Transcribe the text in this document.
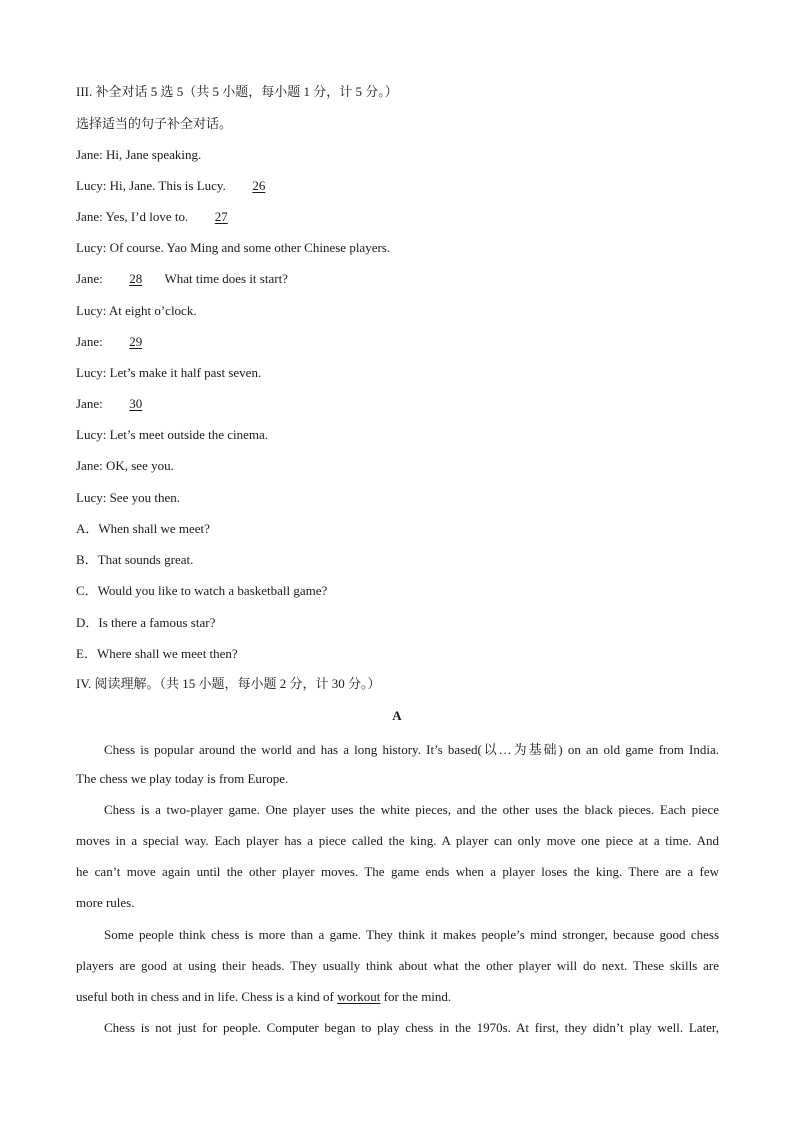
III. 补全对话 5 选 5（共 5 小题，每小题 1 分，计 5 分。）
选择适当的句子补全对话。
Jane: Hi, Jane speaking.
Lucy: Hi, Jane. This is Lucy. 26
Jane: Yes, I’d love to. 27
Lucy: Of course. Yao Ming and some other Chinese players.
Jane: 28 What time does it start?
Lucy: At eight o’clock.
Jane: 29
Lucy: Let’s make it half past seven.
Jane: 30
Lucy: Let’s meet outside the cinema.
Jane: OK, see you.
Lucy: See you then.
A．When shall we meet?
B．That sounds great.
C．Would you like to watch a basketball game?
D．Is there a famous star?
E．Where shall we meet then?
IV. 阅读理解。（共 15 小题，每小题 2 分，计 30 分。）
A
Chess is popular around the world and has a long history. It’s based(以…为基础) on an old game from India.
The chess we play today is from Europe.
Chess is a two-player game. One player uses the white pieces, and the other uses the black pieces. Each piece
moves in a special way. Each player has a piece called the king. A player can only move one piece at a time. And
he can’t move again until the other player moves. The game ends when a player loses the king. There are a few
more rules.
Some people think chess is more than a game. They think it makes people’s mind stronger, because good chess
players are good at using their heads. They usually think about what the other player will do next. These skills are
useful both in chess and in life. Chess is a kind of workout for the mind.
Chess is not just for people. Computer began to play chess in the 1970s. At first, they didn’t play well. Later,
